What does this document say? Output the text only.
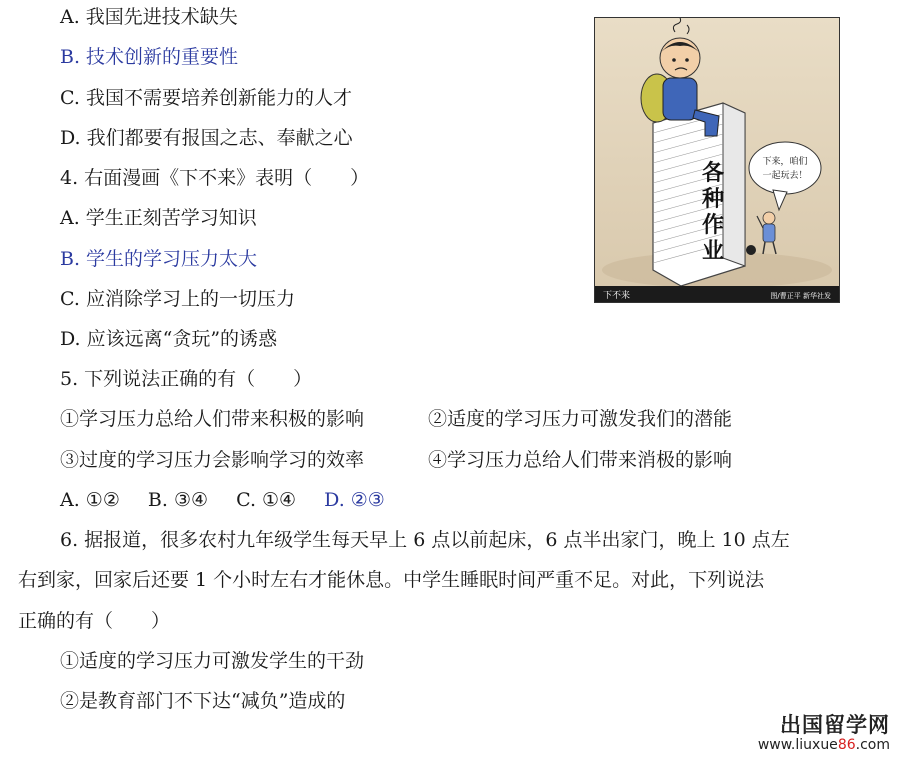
A. 我国先进技术缺失
B. 技术创新的重要性
C. 我国不需要培养创新能力的人才
D. 我们都要有报国之志、奉献之心
4. 右面漫画《下不来》表明（　　）
A. 学生正刻苦学习知识
B. 学生的学习压力太大
C. 应消除学习上的一切压力
D. 应该远离“贪玩”的诱惑
5. 下列说法正确的有（　　）
①学习压力总给人们带来积极的影响	②适度的学习压力可激发我们的潜能
③过度的学习压力会影响学习的效率	④学习压力总给人们带来消极的影响
A. ①② B. ③④ C. ①④ D. ②③
6. 据报道，很多农村九年级学生每天早上 6 点以前起床，6 点半出家门，晚上 10 点左
右到家，回家后还要 1 个小时左右才能休息。中学生睡眠时间严重不足。对此，下列说法
正确的有（　　）
①适度的学习压力可激发学生的干劲
②是教育部门不下达“减负”造成的
各
种
作
业
下来，咱们
一起玩去！
下不来	图/曹正平 新华社发
出国留学网
www.liuxue86.com
